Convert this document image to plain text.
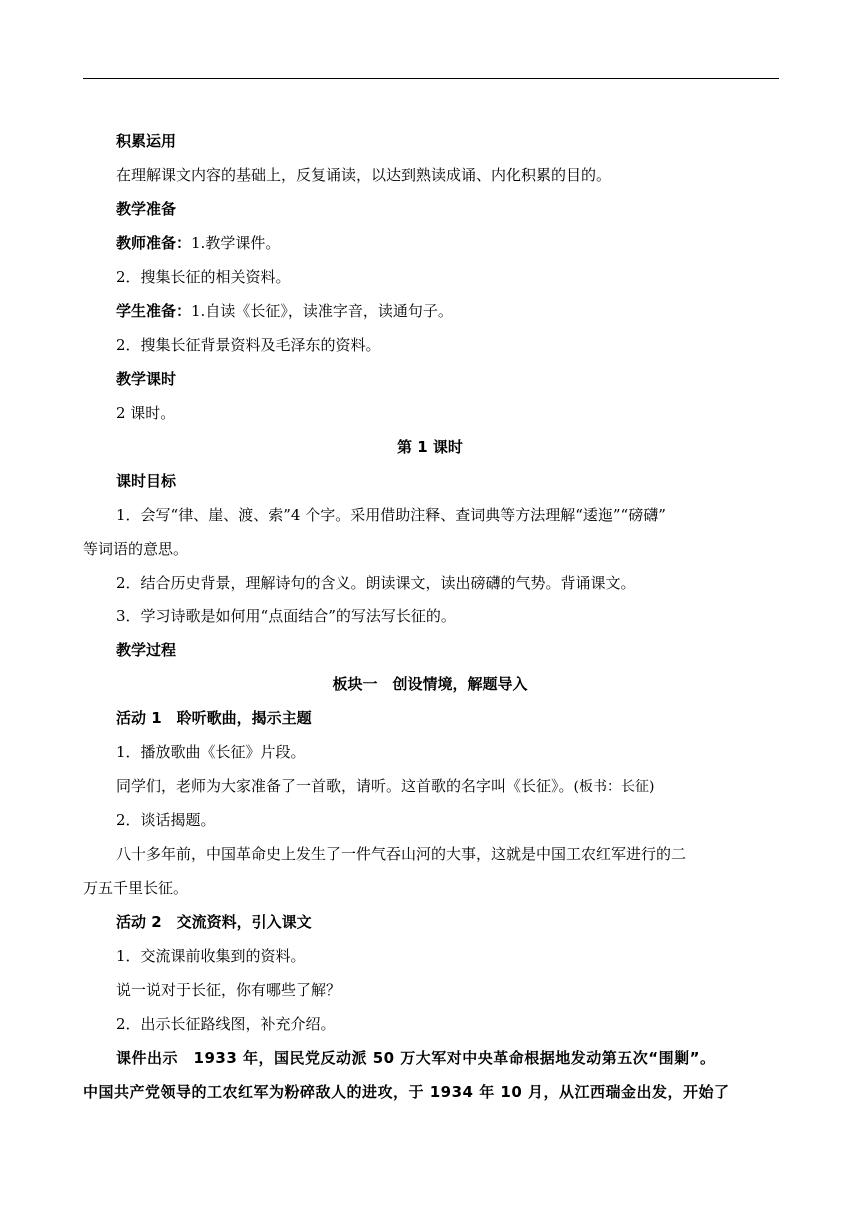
积累运用
在理解课文内容的基础上，反复诵读，以达到熟读成诵、内化积累的目的。
教学准备
教师准备：1.教学课件。
2．搜集长征的相关资料。
学生准备：1.自读《长征》，读准字音，读通句子。
2．搜集长征背景资料及毛泽东的资料。
教学课时
2 课时。
第 1 课时
课时目标
1．会写“律、崖、渡、索”4 个字。采用借助注释、查词典等方法理解“逶迤”“磅礴”
等词语的意思。
2．结合历史背景，理解诗句的含义。朗读课文，读出磅礴的气势。背诵课文。
3．学习诗歌是如何用“点面结合”的写法写长征的。
教学过程
板块一　创设情境，解题导入
活动 1　聆听歌曲，揭示主题
1．播放歌曲《长征》片段。
同学们，老师为大家准备了一首歌，请听。这首歌的名字叫《长征》。(板书：长征)
2．谈话揭题。
八十多年前，中国革命史上发生了一件气吞山河的大事，这就是中国工农红军进行的二
万五千里长征。
活动 2　交流资料，引入课文
1．交流课前收集到的资料。
说一说对于长征，你有哪些了解？
2．出示长征路线图，补充介绍。
课件出示　1933 年，国民党反动派 50 万大军对中央革命根据地发动第五次“围剿”。
中国共产党领导的工农红军为粉碎敌人的进攻，于 1934 年 10 月，从江西瑞金出发，开始了
